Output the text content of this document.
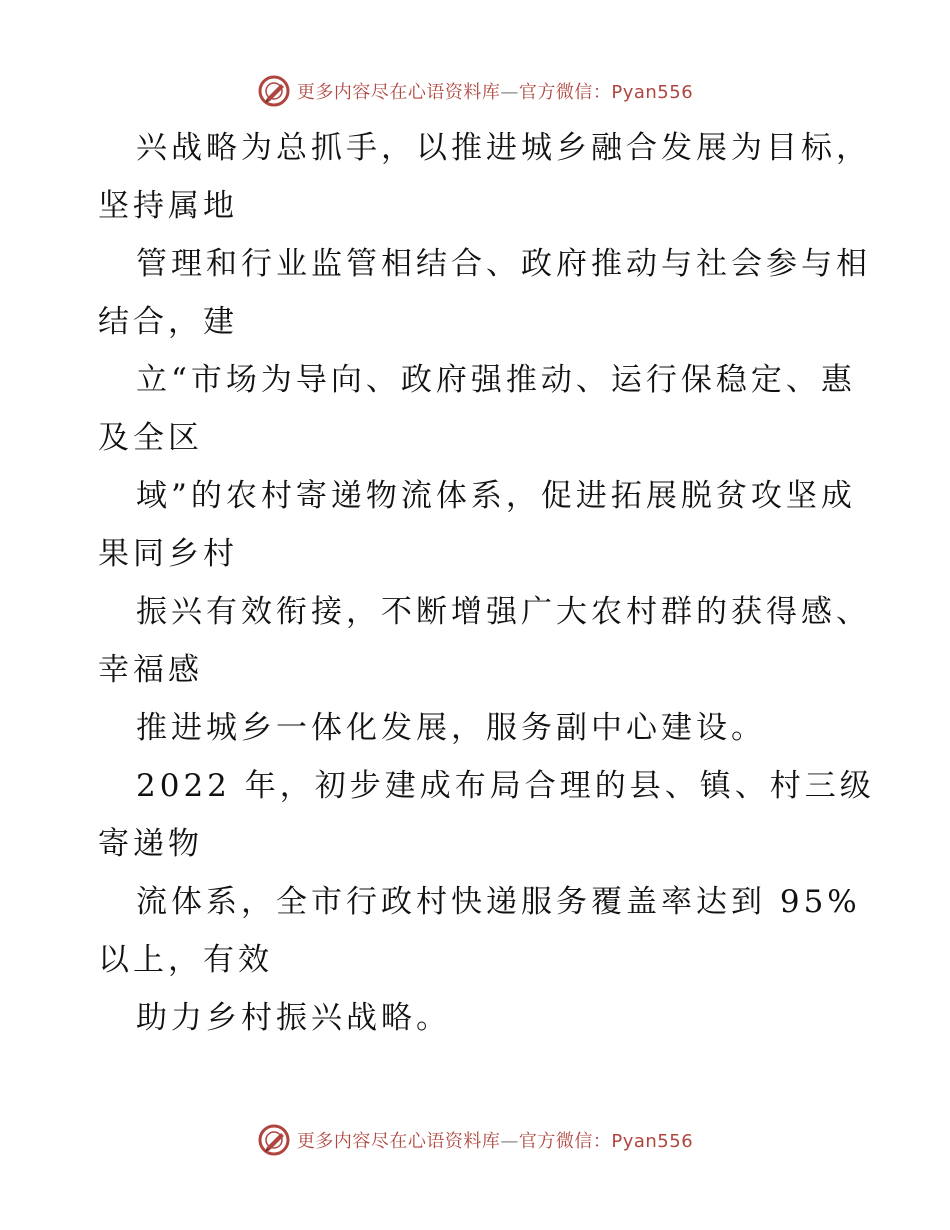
更多内容尽在心语资料库—官方微信：Pyan556
兴战略为总抓手，以推进城乡融合发展为目标，
坚持属地
管理和行业监管相结合、政府推动与社会参与相
结合，建
立“市场为导向、政府强推动、运行保稳定、惠
及全区
域”的农村寄递物流体系，促进拓展脱贫攻坚成
果同乡村
振兴有效衔接，不断增强广大农村群的获得感、
幸福感
推进城乡一体化发展，服务副中心建设。
2022 年，初步建成布局合理的县、镇、村三级
寄递物
流体系，全市行政村快递服务覆盖率达到 95%
以上，有效
助力乡村振兴战略。
更多内容尽在心语资料库—官方微信：Pyan556
